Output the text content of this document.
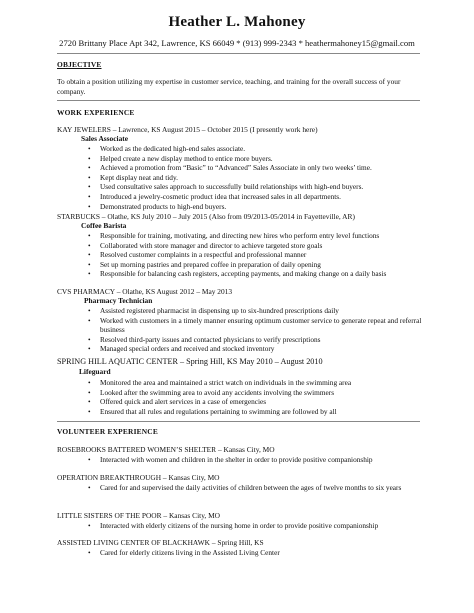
Heather L. Mahoney
2720 Brittany Place Apt 342, Lawrence, KS 66049 * (913) 999-2343 * heathermahoney15@gmail.com
OBJECTIVE
To obtain a position utilizing my expertise in customer service, teaching, and training for the overall success of your company.
WORK EXPERIENCE
KAY JEWELERS – Lawrence, KS August 2015 – October 2015 (I presently work here)
Sales Associate
• Worked as the dedicated high-end sales associate.
• Helped create a new display method to entice more buyers.
• Achieved a promotion from “Basic” to “Advanced” Sales Associate in only two weeks’ time.
• Kept display neat and tidy.
• Used consultative sales approach to successfully build relationships with high-end buyers.
• Introduced a jewelry-cosmetic product idea that increased sales in all departments.
• Demonstrated products to high-end buyers.
STARBUCKS – Olathe, KS July 2010 – July 2015 (Also from 09/2013-05/2014 in Fayetteville, AR)
Coffee Barista
• Responsible for training, motivating, and directing new hires who perform entry level functions
• Collaborated with store manager and director to achieve targeted store goals
• Resolved customer complaints in a respectful and professional manner
• Set up morning pastries and prepared coffee in preparation of daily opening
• Responsible for balancing cash registers, accepting payments, and making change on a daily basis
CVS PHARMACY – Olathe, KS August 2012 – May 2013
Pharmacy Technician
• Assisted registered pharmacist in dispensing up to six-hundred prescriptions daily
• Worked with customers in a timely manner ensuring optimum customer service to generate repeat and referral business
• Resolved third-party issues and contacted physicians to verify prescriptions
• Managed special orders and received and stocked inventory
SPRING HILL AQUATIC CENTER – Spring Hill, KS May 2010 – August 2010
Lifeguard
• Monitored the area and maintained a strict watch on individuals in the swimming area
• Looked after the swimming area to avoid any accidents involving the swimmers
• Offered quick and alert services in a case of emergencies
• Ensured that all rules and regulations pertaining to swimming are followed by all
VOLUNTEER EXPERIENCE
ROSEBROOKS BATTERED WOMEN’S SHELTER – Kansas City, MO
• Interacted with women and children in the shelter in order to provide positive companionship
OPERATION BREAKTHROUGH – Kansas City, MO
• Cared for and supervised the daily activities of children between the ages of twelve months to six years
LITTLE SISTERS OF THE POOR – Kansas City, MO
• Interacted with elderly citizens of the nursing home in order to provide positive companionship
ASSISTED LIVING CENTER OF BLACKHAWK – Spring Hill, KS
• Cared for elderly citizens living in the Assisted Living Center
